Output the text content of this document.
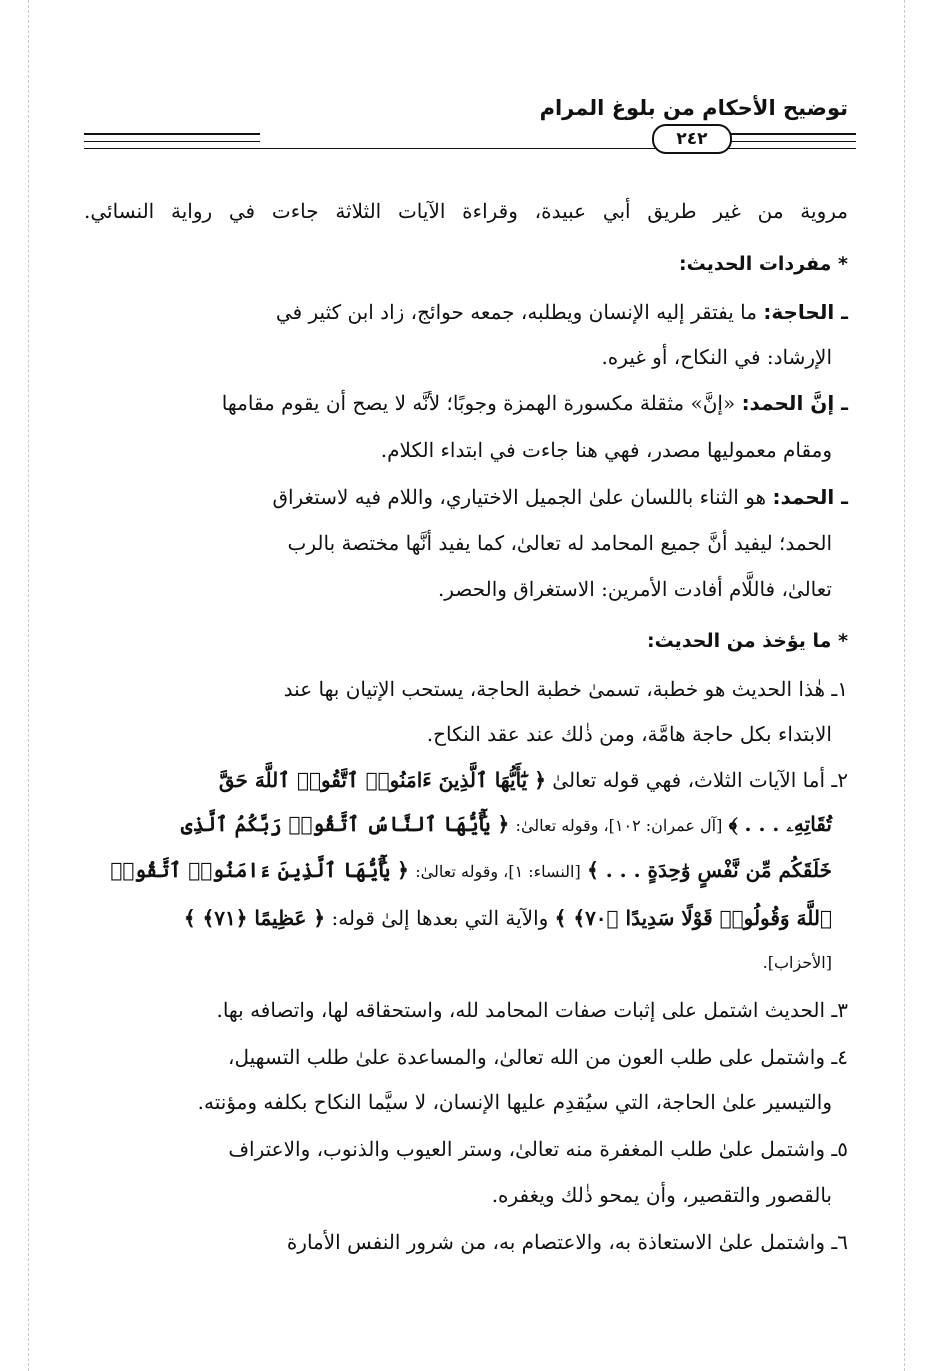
توضيح الأحكام من بلوغ المرام
٢٤٢
مروية من غير طريق أبي عبيدة، وقراءة الآيات الثلاثة جاءت في رواية النسائي.
* مفردات الحديث:
ـ الحاجة: ما يفتقر إليه الإنسان ويطلبه، جمعه حوائج، زاد ابن كثير في
الإرشاد: في النكاح، أو غيره.
ـ إنَّ الحمد: «إنَّ» مثقلة مكسورة الهمزة وجوبًا؛ لأنَّه لا يصح أن يقوم مقامها
ومقام معموليها مصدر، فهي هنا جاءت في ابتداء الكلام.
ـ الحمد: هو الثناء باللسان علىٰ الجميل الاختياري، واللام فيه لاستغراق
الحمد؛ ليفيد أنَّ جميع المحامد له تعالىٰ، كما يفيد أنَّها مختصة بالرب
تعالىٰ، فاللَّام أفادت الأمرين: الاستغراق والحصر.
* ما يؤخذ من الحديث:
١ـ هٰذا الحديث هو خطبة، تسمىٰ خطبة الحاجة، يستحب الإتيان بها عند
الابتداء بكل حاجة هامَّة، ومن ذٰلك عند عقد النكاح.
٢ـ أما الآيات الثلاث، فهي قوله تعالىٰ ﴿ يَٰٓأَيُّهَا ٱلَّذِينَ ءَامَنُوا۟ ٱتَّقُوا۟ ٱللَّهَ حَقَّ
تُقَاتِهِۦ . . . ﴾ [آل عمران: ١٠٢]، وقوله تعالىٰ: ﴿ يَٰٓأَيُّهَا ٱلنَّاسُ ٱتَّقُوا۟ رَبَّكُمُ ٱلَّذِى
خَلَقَكُم مِّن نَّفْسٍ وَٰحِدَةٍ . . . ﴾ [النساء: ١]، وقوله تعالىٰ: ﴿ يَٰٓأَيُّهَا ٱلَّذِينَ ءَامَنُوا۟ ٱتَّقُوا۟
ٱللَّهَ وَقُولُوا۟ قَوْلًا سَدِيدًا ﴿٧٠﴾ ﴾ والآية التي بعدها إلىٰ قوله: ﴿ عَظِيمًا ﴿٧١﴾ ﴾
[الأحزاب].
٣ـ الحديث اشتمل على إثبات صفات المحامد لله، واستحقاقه لها، واتصافه بها.
٤ـ واشتمل على طلب العون من الله تعالىٰ، والمساعدة علىٰ طلب التسهيل،
والتيسير علىٰ الحاجة، التي سيُقدِم عليها الإنسان، لا سيَّما النكاح بكلفه ومؤنته.
٥ـ واشتمل علىٰ طلب المغفرة منه تعالىٰ، وستر العيوب والذنوب، والاعتراف
بالقصور والتقصير، وأن يمحو ذٰلك ويغفره.
٦ـ واشتمل علىٰ الاستعاذة به، والاعتصام به، من شرور النفس الأمارة
